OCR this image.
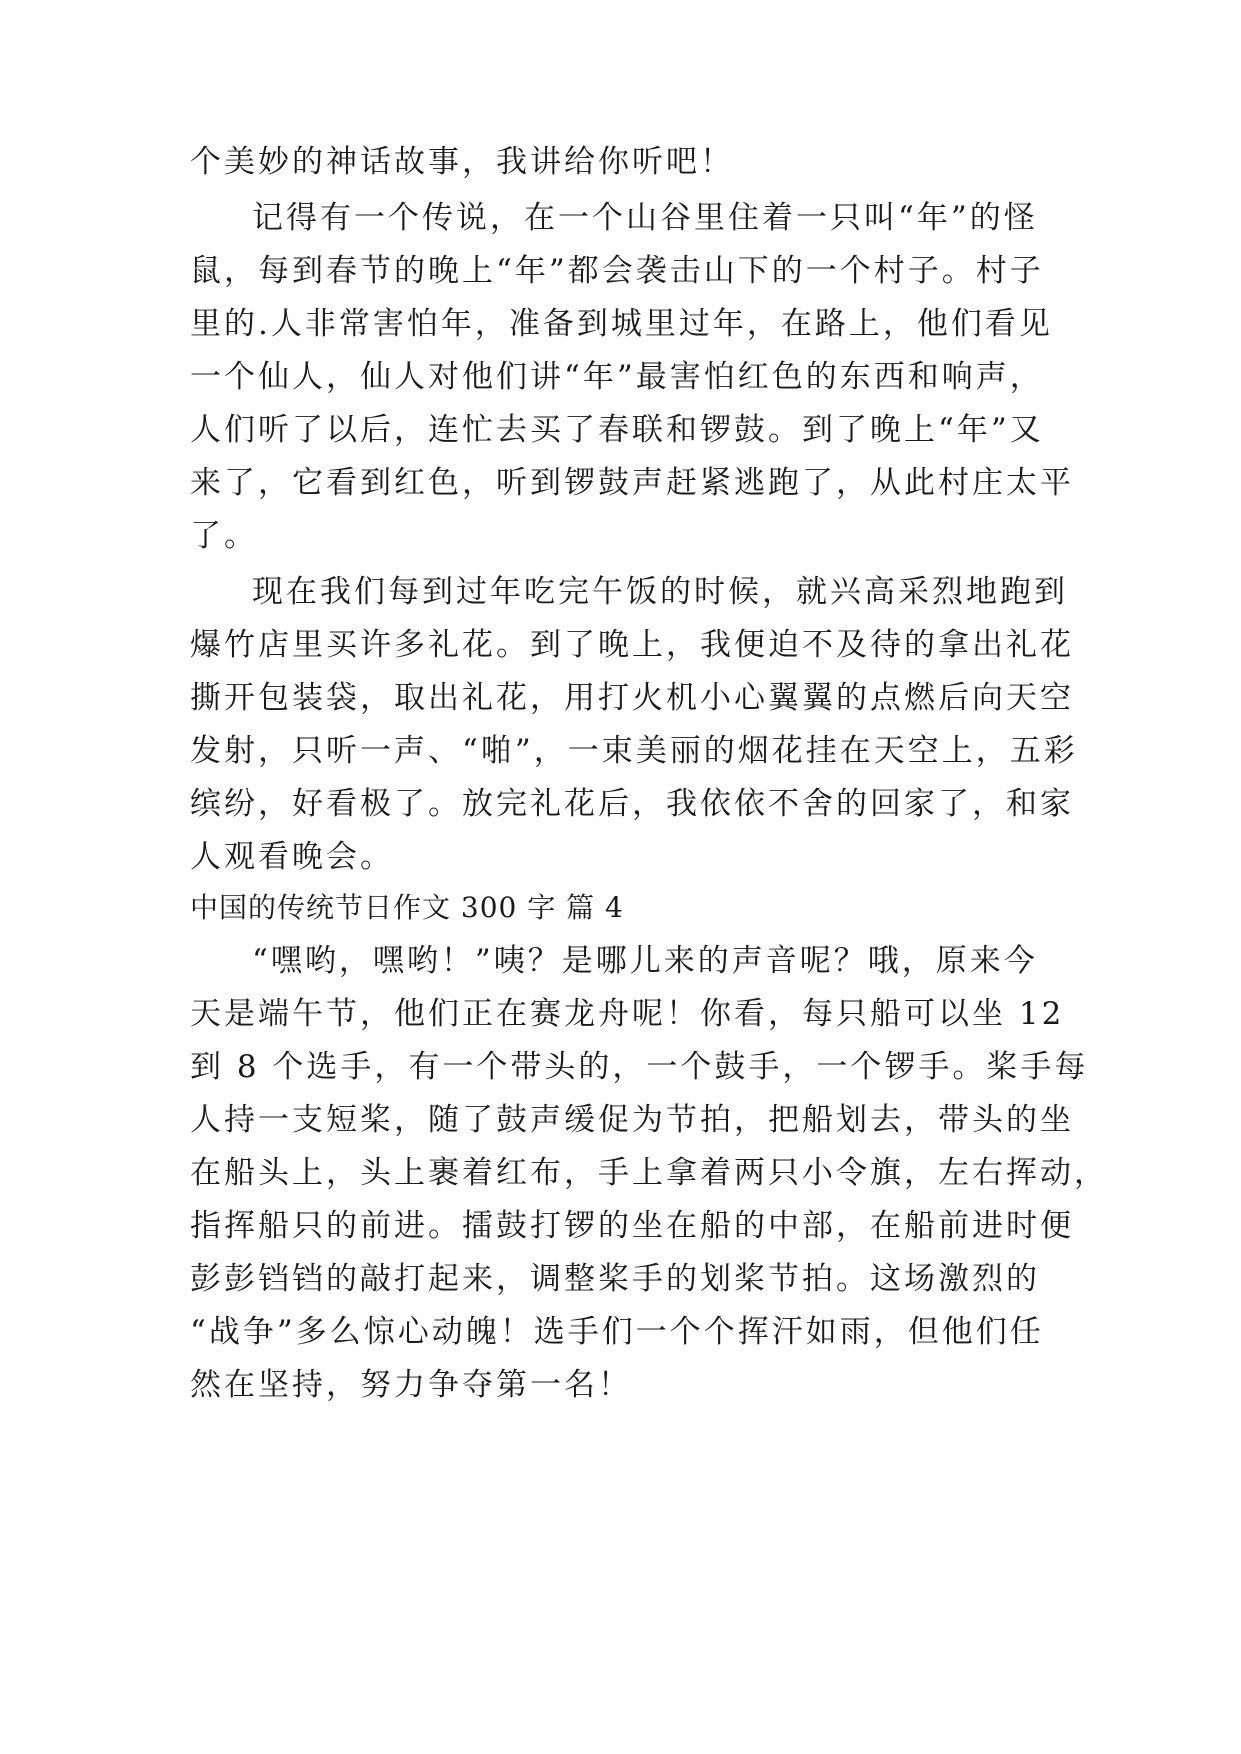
个美妙的神话故事，我讲给你听吧！

记得有一个传说，在一个山谷里住着一只叫“年”的怪

鼠，每到春节的晚上“年”都会袭击山下的一个村子。村子

里的.人非常害怕年，准备到城里过年，在路上，他们看见

一个仙人，仙人对他们讲“年”最害怕红色的东西和响声，

人们听了以后，连忙去买了春联和锣鼓。到了晚上“年”又

来了，它看到红色，听到锣鼓声赶紧逃跑了，从此村庄太平

了。

现在我们每到过年吃完午饭的时候，就兴高采烈地跑到

爆竹店里买许多礼花。到了晚上，我便迫不及待的拿出礼花

撕开包装袋，取出礼花，用打火机小心翼翼的点燃后向天空

发射，只听一声、“啪”，一束美丽的烟花挂在天空上，五彩

缤纷，好看极了。放完礼花后，我依依不舍的回家了，和家

人观看晚会。

中国的传统节日作文 300 字 篇 4

“嘿哟，嘿哟！”咦？是哪儿来的声音呢？哦，原来今

天是端午节，他们正在赛龙舟呢！你看，每只船可以坐 12

到 8 个选手，有一个带头的，一个鼓手，一个锣手。桨手每

人持一支短桨，随了鼓声缓促为节拍，把船划去，带头的坐

在船头上，头上裹着红布，手上拿着两只小令旗，左右挥动，

指挥船只的前进。擂鼓打锣的坐在船的中部，在船前进时便

彭彭铛铛的敲打起来，调整桨手的划桨节拍。这场激烈的

“战争”多么惊心动魄！选手们一个个挥汗如雨，但他们任

然在坚持，努力争夺第一名！
